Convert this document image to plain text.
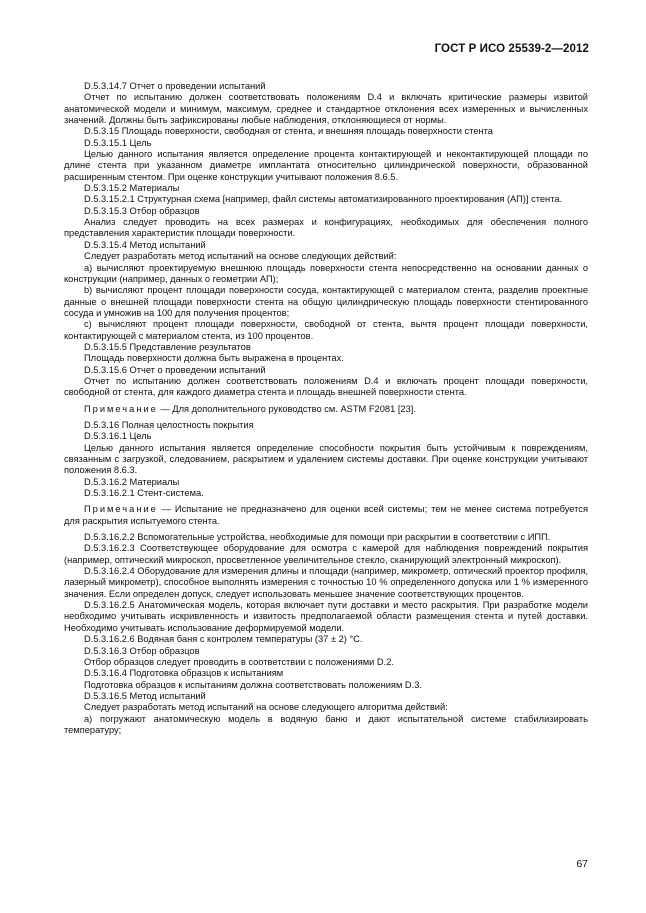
ГОСТ Р ИСО 25539-2—2012

D.5.3.14.7 Отчет о проведении испытаний

Отчет по испытанию должен соответствовать положениям D.4 и включать критические размеры извитой анатомической модели и минимум, максимум, среднее и стандартное отклонения всех измеренных и вычисленных значений. Должны быть зафиксированы любые наблюдения, отклоняющиеся от нормы.

D.5.3.15 Площадь поверхности, свободная от стента, и внешняя площадь поверхности стента

D.5.3.15.1 Цель

Целью данного испытания является определение процента контактирующей и неконтактирующей площади по длине стента при указанном диаметре имплантата относительно цилиндрической поверхности, образованной расширенным стентом. При оценке конструкции учитывают положения 8.6.5.

D.5.3.15.2 Материалы

D.5.3.15.2.1 Структурная схема [например, файл системы автоматизированного проектирования (АП)] стента.

D.5.3.15.3 Отбор образцов

Анализ следует проводить на всех размерах и конфигурациях, необходимых для обеспечения полного представления характеристик площади поверхности.

D.5.3.15.4 Метод испытаний

Следует разработать метод испытаний на основе следующих действий:

а) вычисляют проектируемую внешнюю площадь поверхности стента непосредственно на основании данных о конструкции (например, данных о геометрии АП);

b) вычисляют процент площади поверхности сосуда, контактирующей с материалом стента, разделив проектные данные о внешней площади поверхности стента на общую цилиндрическую площадь поверхности стентированного сосуда и умножив на 100 для получения процентов;

с) вычисляют процент площади поверхности, свободной от стента, вычтя процент площади поверхности, контактирующей с материалом стента, из 100 процентов.

D.5.3.15.5 Представление результатов

Площадь поверхности должна быть выражена в процентах.

D.5.3.15.6 Отчет о проведении испытаний

Отчет по испытанию должен соответствовать положениям D.4 и включать процент площади поверхности, свободной от стента, для каждого диаметра стента и площадь внешней поверхности стента.

Примечание — Для дополнительного руководство см. ASTM F2081 [23].

D.5.3.16 Полная целостность покрытия

D.5.3.16.1 Цель

Целью данного испытания является определение способности покрытия быть устойчивым к повреждениям, связанным с загрузкой, следованием, раскрытием и удалением системы доставки. При оценке конструкции учитывают положения 8.6.3.

D.5.3.16.2 Материалы

D.5.3.16.2.1 Стент-система.

Примечание — Испытание не предназначено для оценки всей системы; тем не менее система потребуется для раскрытия испытуемого стента.

D.5.3.16.2.2 Вспомогательные устройства, необходимые для помощи при раскрытии в соответствии с ИПП.

D.5.3.16.2.3 Соответствующее оборудование для осмотра с камерой для наблюдения повреждений покрытия (например, оптический микроскоп, просветленное увеличительное стекло, сканирующий электронный микроскоп).

D.5.3.16.2.4 Оборудование для измерения длины и площади (например, микрометр, оптический проектор профиля, лазерный микрометр), способное выполнять измерения с точностью 10 % определенного допуска или 1 % измеренного значения. Если определен допуск, следует использовать меньшее значение соответствующих процентов.

D.5.3.16.2.5 Анатомическая модель, которая включает пути доставки и место раскрытия. При разработке модели необходимо учитывать искривленность и извитость предполагаемой области размещения стента и путей доставки. Необходимо учитывать использование деформируемой модели.

D.5.3.16.2.6 Водяная баня с контролем температуры (37 ± 2) °С.

D.5.3.16.3 Отбор образцов

Отбор образцов следует проводить в соответствии с положениями D.2.

D.5.3.16.4 Подготовка образцов к испытаниям

Подготовка образцов к испытаниям должна соответствовать положениям D.3.

D.5.3.16.5 Метод испытаний

Следует разработать метод испытаний на основе следующего алгоритма действий:

а) погружают анатомическую модель в водяную баню и дают испытательной системе стабилизировать температуру;

67
